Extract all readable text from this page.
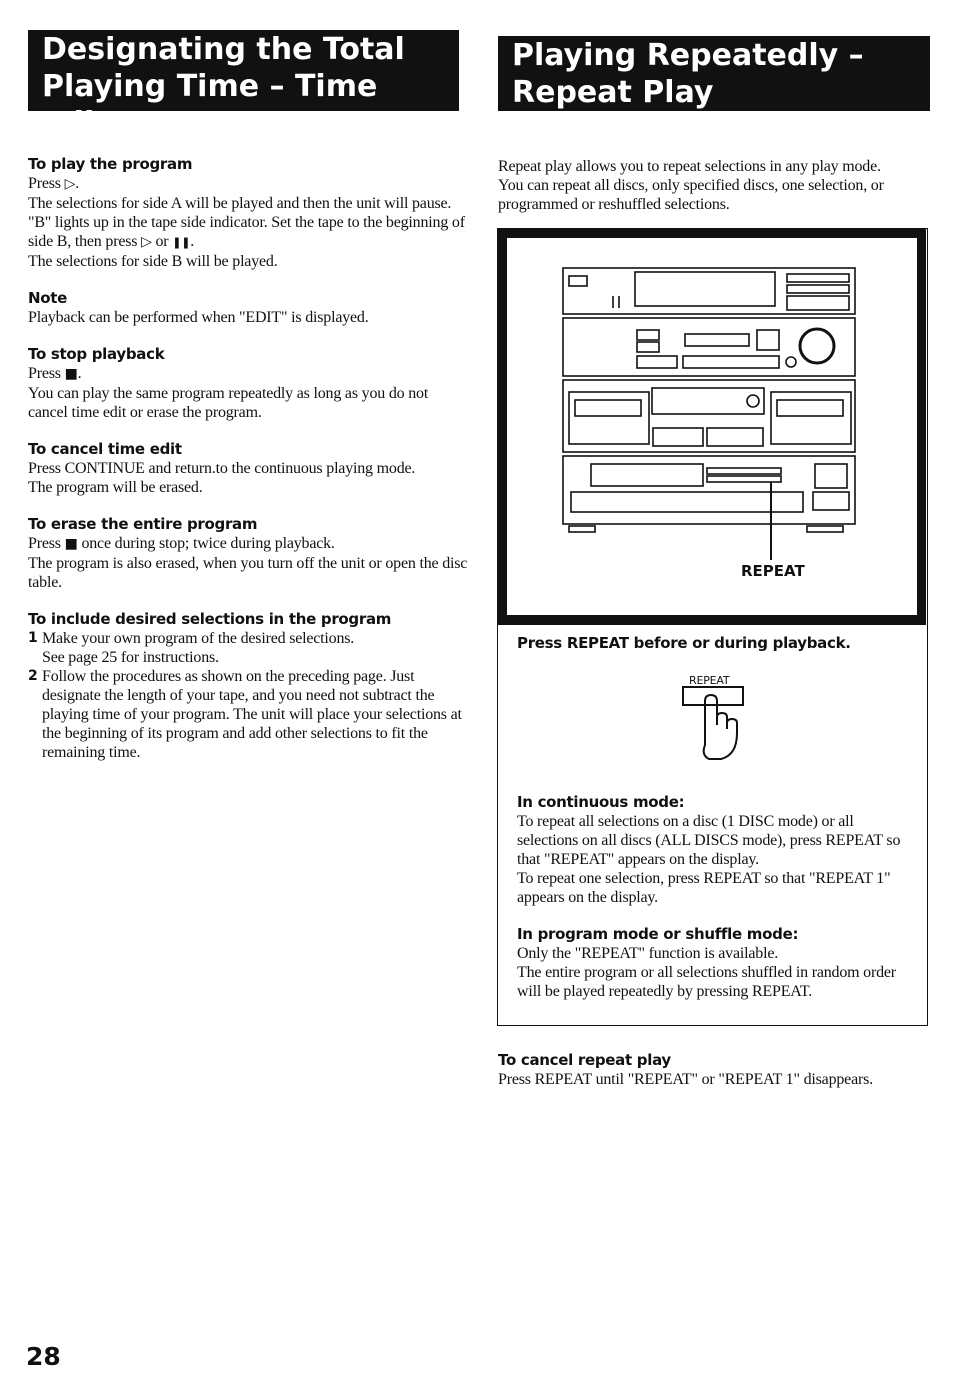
Designating the Total
Playing Time – Time Edit
Playing Repeatedly –
Repeat Play

To play the program

Press ▷.

The selections for side A will be played and then the unit will pause. "B" lights up in the tape side indicator. Set the tape to the beginning of side B, then press ▷ or ❚❚.

The selections for side B will be played.

Note

Playback can be performed when "EDIT" is displayed.

To stop playback

Press ■.

You can play the same program repeatedly as long as you do not cancel time edit or erase the program.

To cancel time edit

Press CONTINUE and return.to the continuous playing mode.

The program will be erased.

To erase the entire program

Press ■ once during stop; twice during playback.

The program is also erased, when you turn off the unit or open the disc table.

To include desired selections in the program

1 Make your own program of the desired selections.
See page 25 for instructions.
2 Follow the procedures as shown on the preceding page. Just designate the length of your tape, and you need not subtract the playing time of your program. The unit will place your selections at the beginning of its program and add other selections to fit the remaining time.
Repeat play allows you to repeat selections in any play mode. You can repeat all discs, only specified discs, one selection, or programmed or reshuffled selections.
REPEAT

Press REPEAT before or during playback.

REPEAT

In continuous mode:

To repeat all selections on a disc (1 DISC mode) or all selections on all discs (ALL DISCS mode), press REPEAT so that "REPEAT" appears on the display.

To repeat one selection, press REPEAT so that "REPEAT 1" appears on the display.

In program mode or shuffle mode:

Only the "REPEAT" function is available.

The entire program or all selections shuffled in random order will be played repeatedly by pressing REPEAT.

To cancel repeat play

Press REPEAT until "REPEAT" or "REPEAT 1" disappears.

28
